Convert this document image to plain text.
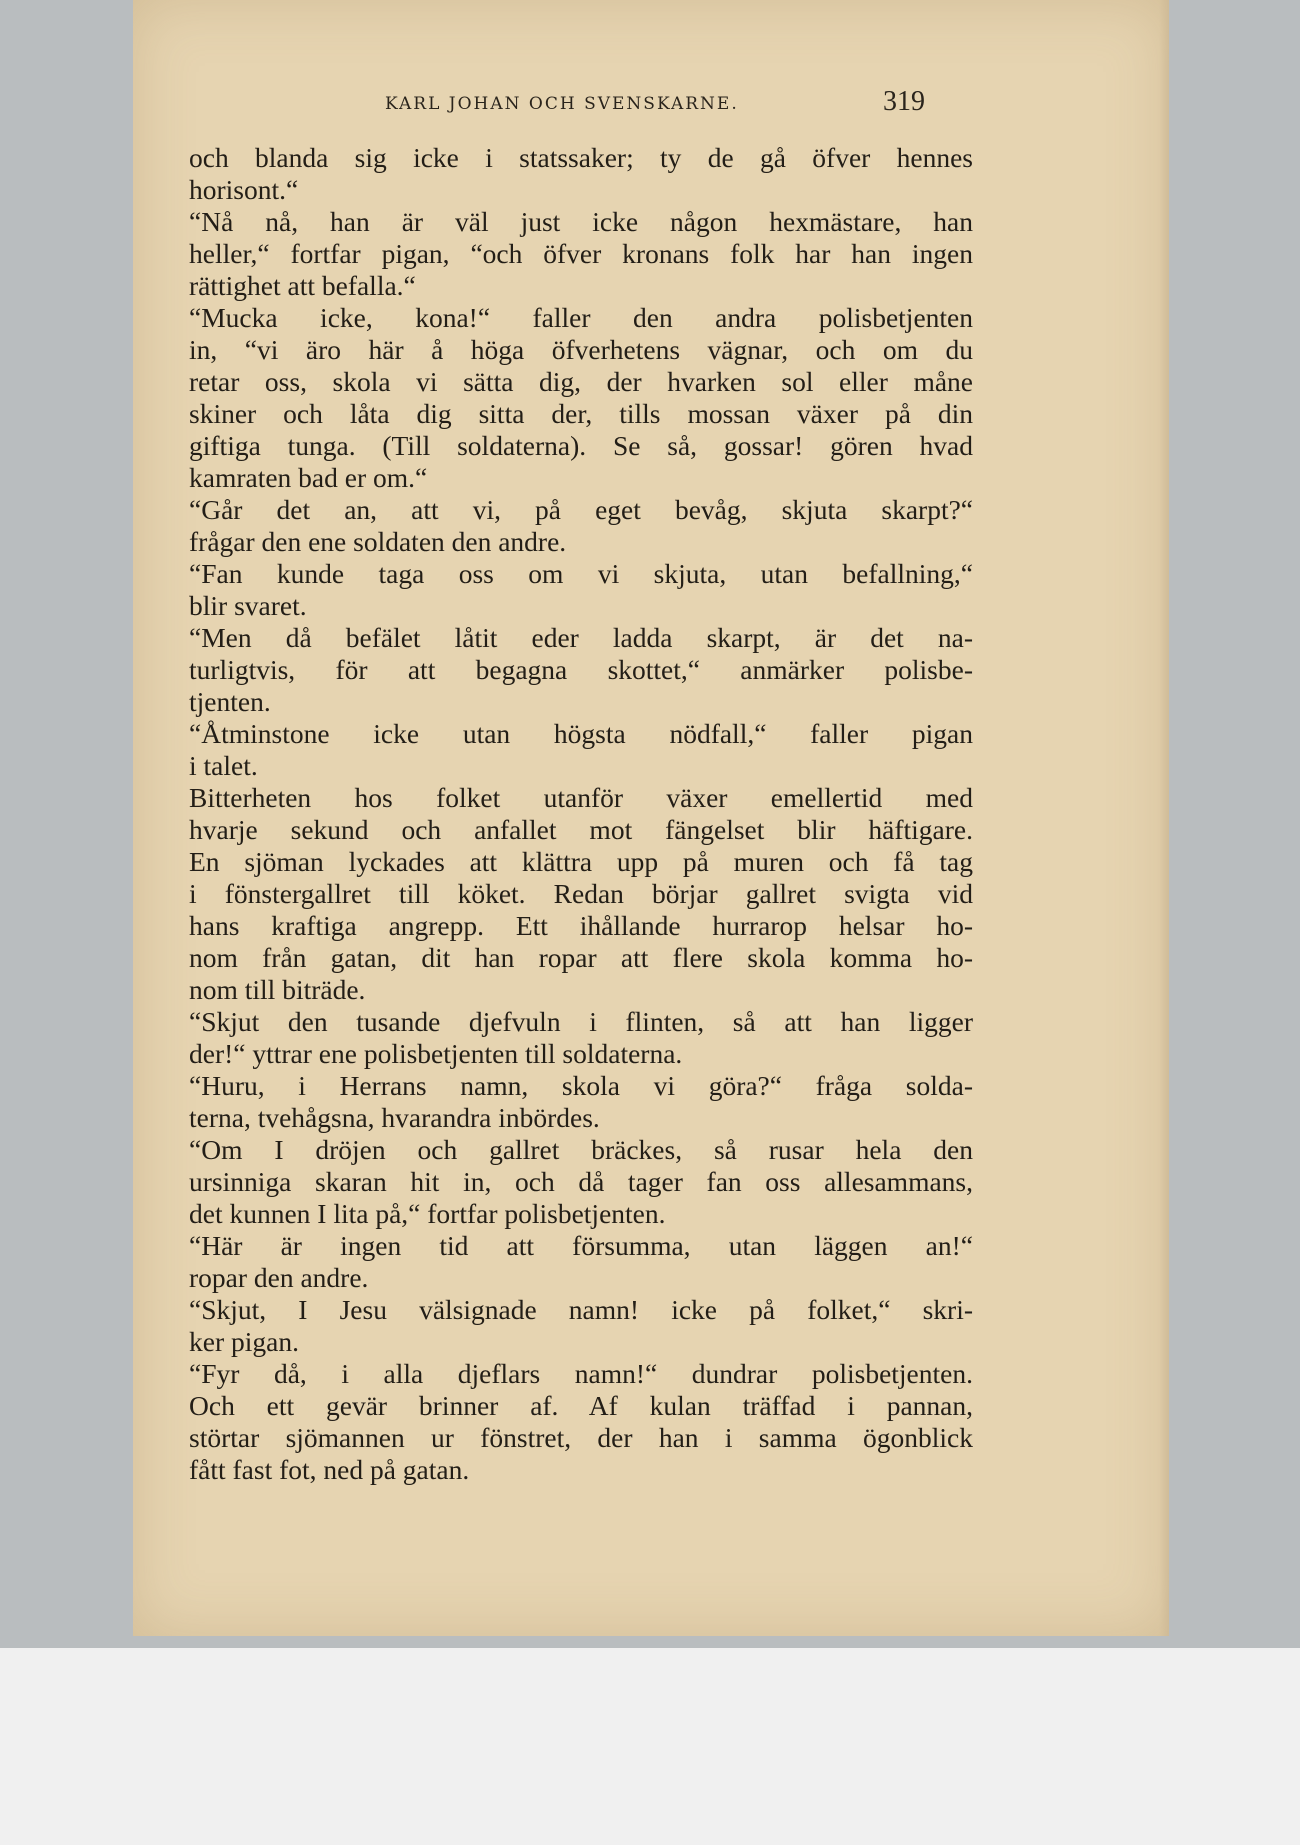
KARL JOHAN OCH SVENSKARNE.	319
och blanda sig icke i statssaker; ty de gå öfver hennes
horisont.“
“Nå nå, han är väl just icke någon hexmästare, han
heller,“ fortfar pigan, “och öfver kronans folk har han ingen
rättighet att befalla.“
“Mucka icke, kona!“ faller den andra polisbetjenten
in, “vi äro här å höga öfverhetens vägnar, och om du
retar oss, skola vi sätta dig, der hvarken sol eller måne
skiner och låta dig sitta der, tills mossan växer på din
giftiga tunga. (Till soldaterna). Se så, gossar! gören hvad
kamraten bad er om.“
“Går det an, att vi, på eget bevåg, skjuta skarpt?“
frågar den ene soldaten den andre.
“Fan kunde taga oss om vi skjuta, utan befallning,“
blir svaret.
“Men då befälet låtit eder ladda skarpt, är det na-
turligtvis, för att begagna skottet,“ anmärker polisbe-
tjenten.
“Åtminstone icke utan högsta nödfall,“ faller pigan
i talet.
Bitterheten hos folket utanför växer emellertid med
hvarje sekund och anfallet mot fängelset blir häftigare.
En sjöman lyckades att klättra upp på muren och få tag
i fönstergallret till köket. Redan börjar gallret svigta vid
hans kraftiga angrepp. Ett ihållande hurrarop helsar ho-
nom från gatan, dit han ropar att flere skola komma ho-
nom till biträde.
“Skjut den tusande djefvuln i flinten, så att han ligger
der!“ yttrar ene polisbetjenten till soldaterna.
“Huru, i Herrans namn, skola vi göra?“ fråga solda-
terna, tvehågsna, hvarandra inbördes.
“Om I dröjen och gallret bräckes, så rusar hela den
ursinniga skaran hit in, och då tager fan oss allesammans,
det kunnen I lita på,“ fortfar polisbetjenten.
“Här är ingen tid att försumma, utan läggen an!“
ropar den andre.
“Skjut, I Jesu välsignade namn! icke på folket,“ skri-
ker pigan.
“Fyr då, i alla djeflars namn!“ dundrar polisbetjenten.
Och ett gevär brinner af. Af kulan träffad i pannan,
störtar sjömannen ur fönstret, der han i samma ögonblick
fått fast fot, ned på gatan.
